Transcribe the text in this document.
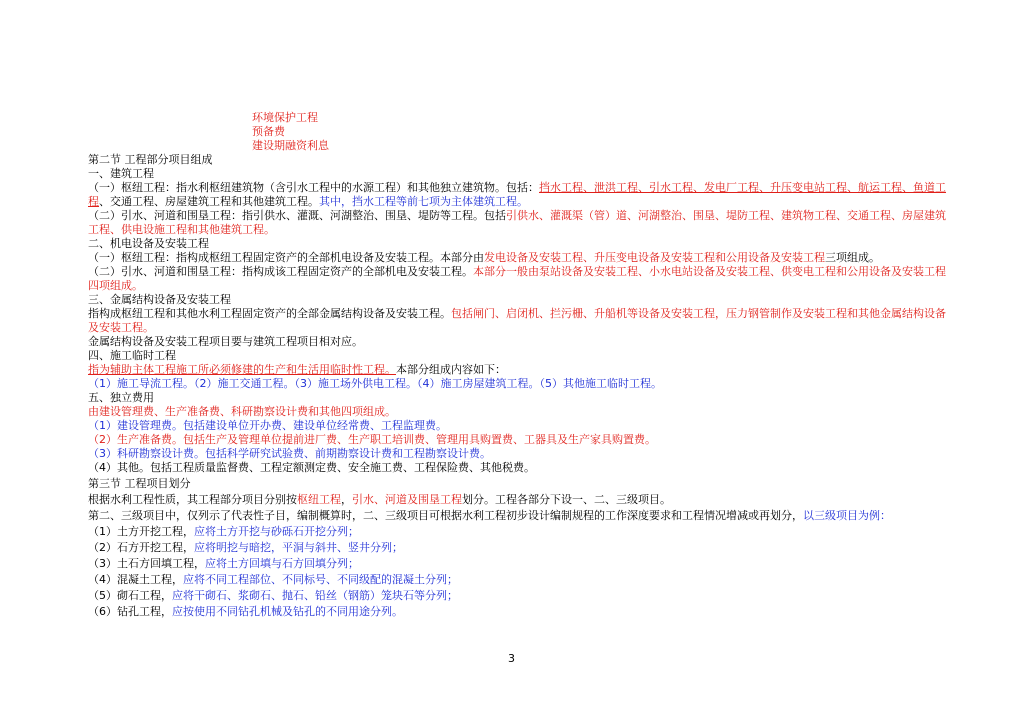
环境保护工程
预备费
建设期融资利息
第二节 工程部分项目组成
一、建筑工程
（一）枢纽工程：指水利枢纽建筑物（含引水工程中的水源工程）和其他独立建筑物。包括：挡水工程、泄洪工程、引水工程、发电厂工程、升压变电站工程、航运工程、鱼道工
程、交通工程、房屋建筑工程和其他建筑工程。其中，挡水工程等前七项为主体建筑工程。
（二）引水、河道和围垦工程：指引供水、灌溉、河湖整治、围垦、堤防等工程。包括引供水、灌溉渠（管）道、河湖整治、围垦、堤防工程、建筑物工程、交通工程、房屋建筑
工程、供电设施工程和其他建筑工程。
二、机电设备及安装工程
（一）枢纽工程：指构成枢纽工程固定资产的全部机电设备及安装工程。本部分由发电设备及安装工程、升压变电设备及安装工程和公用设备及安装工程三项组成。
（二）引水、河道和围垦工程：指构成该工程固定资产的全部机电及安装工程。本部分一般由泵站设备及安装工程、小水电站设备及安装工程、供变电工程和公用设备及安装工程
四项组成。
三、金属结构设备及安装工程
指构成枢纽工程和其他水利工程固定资产的全部金属结构设备及安装工程。包括闸门、启闭机、拦污栅、升船机等设备及安装工程，压力钢管制作及安装工程和其他金属结构设备
及安装工程。
金属结构设备及安装工程项目要与建筑工程项目相对应。
四、施工临时工程
指为辅助主体工程施工所必须修建的生产和生活用临时性工程。本部分组成内容如下：
（1）施工导流工程。（2）施工交通工程。（3）施工场外供电工程。（4）施工房屋建筑工程。（5）其他施工临时工程。
五、独立费用
由建设管理费、生产准备费、科研勘察设计费和其他四项组成。
（1）建设管理费。包括建设单位开办费、建设单位经常费、工程监理费。
（2）生产准备费。包括生产及管理单位提前进厂费、生产职工培训费、管理用具购置费、工器具及生产家具购置费。
（3）科研勘察设计费。包括科学研究试验费、前期勘察设计费和工程勘察设计费。
（4）其他。包括工程质量监督费、工程定额测定费、安全施工费、工程保险费、其他税费。
第三节 工程项目划分
根据水利工程性质，其工程部分项目分别按枢纽工程，引水、河道及围垦工程划分。工程各部分下设一、二、三级项目。
第二、三级项目中，仅列示了代表性子目，编制概算时，二、三级项目可根据水利工程初步设计编制规程的工作深度要求和工程情况增减或再划分，以三级项目为例：
（1）土方开挖工程，应将土方开挖与砂砾石开挖分列；
（2）石方开挖工程，应将明挖与暗挖，平洞与斜井、竖井分列；
（3）土石方回填工程，应将土方回填与石方回填分列；
（4）混凝土工程，应将不同工程部位、不同标号、不同级配的混凝土分列；
（5）砌石工程，应将干砌石、浆砌石、抛石、铅丝（钢筋）笼块石等分列；
（6）钻孔工程，应按使用不同钻孔机械及钻孔的不同用途分列。
3
